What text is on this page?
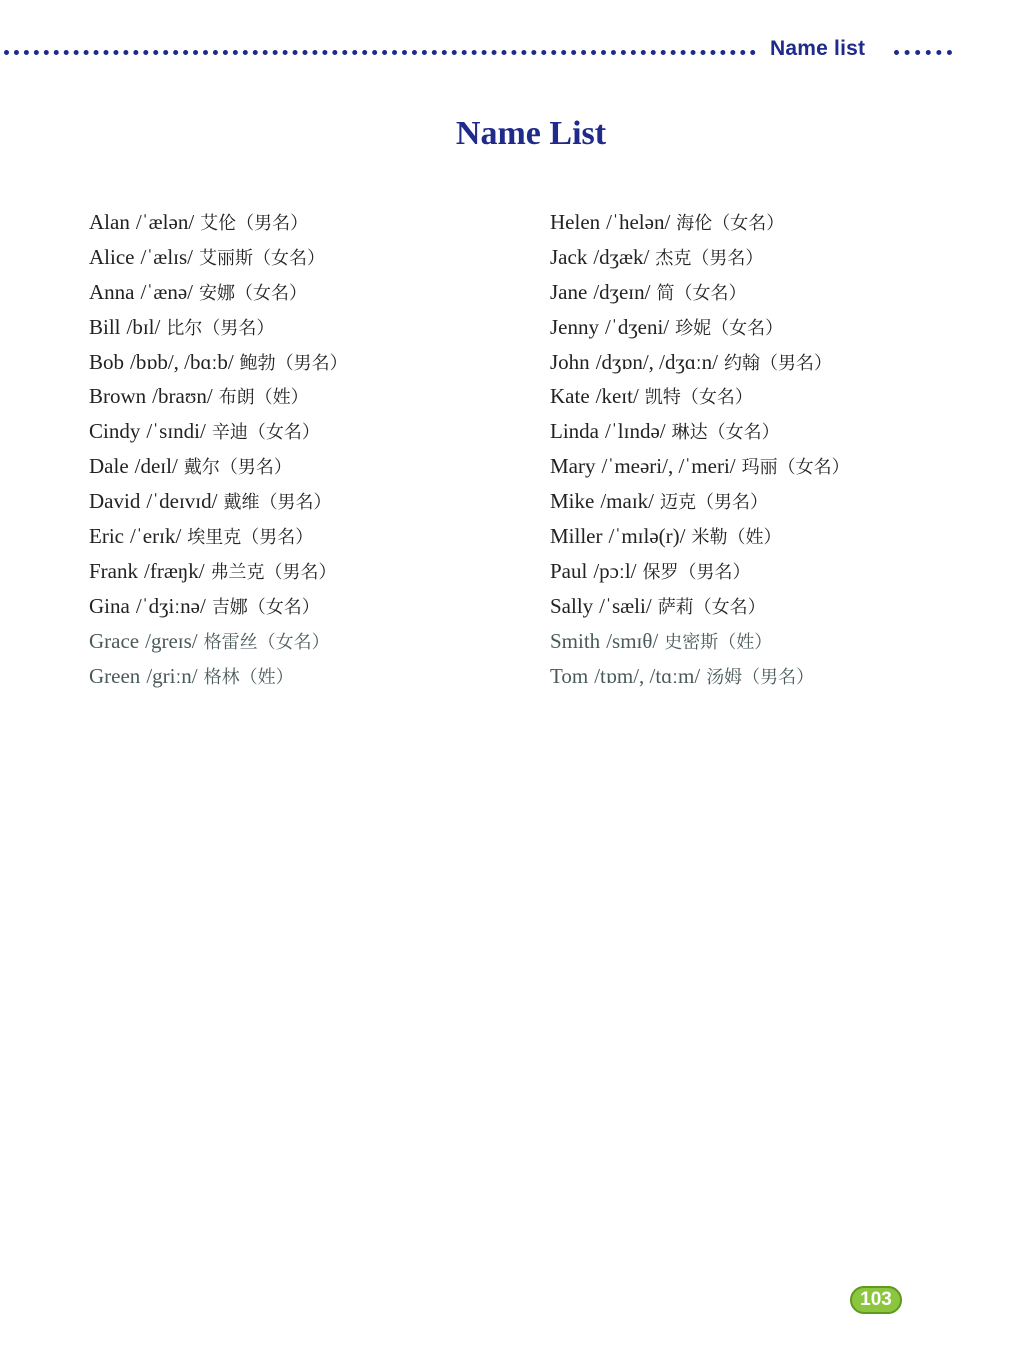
Name list
Name List
Alan /ˈælən/ 艾伦（男名）
Alice /ˈælɪs/ 艾丽斯（女名）
Anna /ˈænə/ 安娜（女名）
Bill /bɪl/ 比尔（男名）
Bob /bɒb/, /bɑːb/ 鲍勃（男名）
Brown /braʊn/ 布朗（姓）
Cindy /ˈsɪndi/ 辛迪（女名）
Dale /deɪl/ 戴尔（男名）
David /ˈdeɪvɪd/ 戴维（男名）
Eric /ˈerɪk/ 埃里克（男名）
Frank /fræŋk/ 弗兰克（男名）
Gina /ˈdʒiːnə/ 吉娜（女名）
Grace /greɪs/ 格雷丝（女名）
Green /griːn/ 格林（姓）
Helen /ˈhelən/ 海伦（女名）
Jack /dʒæk/ 杰克（男名）
Jane /dʒeɪn/ 简（女名）
Jenny /ˈdʒeni/ 珍妮（女名）
John /dʒɒn/, /dʒɑːn/ 约翰（男名）
Kate /keɪt/ 凯特（女名）
Linda /ˈlɪndə/ 琳达（女名）
Mary /ˈmeəri/, /ˈmeri/ 玛丽（女名）
Mike /maɪk/ 迈克（男名）
Miller /ˈmɪlə(r)/ 米勒（姓）
Paul /pɔːl/ 保罗（男名）
Sally /ˈsæli/ 萨莉（女名）
Smith /smɪθ/ 史密斯（姓）
Tom /tɒm/, /tɑːm/ 汤姆（男名）
103
